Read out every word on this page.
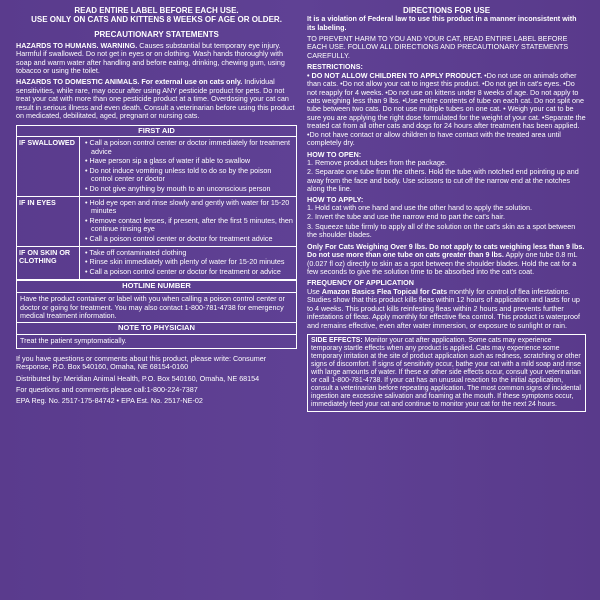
READ ENTIRE LABEL BEFORE EACH USE.
USE ONLY ON CATS AND KITTENS 8 WEEKS OF AGE OR OLDER.
PRECAUTIONARY STATEMENTS

HAZARDS TO HUMANS. WARNING. Causes substantial but temporary eye injury. Harmful if swallowed. Do not get in eyes or on clothing. Wash hands thoroughly with soap and warm water after handling and before eating, drinking, chewing gum, using tobacco or using the toilet.

HAZARDS TO DOMESTIC ANIMALS. For external use on cats only. Individual sensitivities, while rare, may occur after using ANY pesticide product for pets. Do not treat your cat with more than one pesticide product at a time. Overdosing your cat can result in serious illness and even death. Consult a veterinarian before using this product on medicated, debilitated, aged, pregnant or nursing cats.

FIRST AID
IF SWALLOWED	• Call a poison control center or doctor immediately for treatment advice
• Have person sip a glass of water if able to swallow
• Do not induce vomiting unless told to do so by the poison control center or doctor
• Do not give anything by mouth to an unconscious person
IF IN EYES	• Hold eye open and rinse slowly and gently with water for 15-20 minutes
• Remove contact lenses, if present, after the first 5 minutes, then continue rinsing eye
• Call a poison control center or doctor for treatment advice
IF ON SKIN OR CLOTHING
• Take off contaminated clothing
• Rinse skin immediately with plenty of water for 15-20 minutes
• Call a poison control center or doctor for treatment or advice
HOTLINE NUMBER
Have the product container or label with you when calling a poison control center or doctor or going for treatment. You may also contact 1-800-781-4738 for emergency medical treatment information.
NOTE TO PHYSICIAN
Treat the patient symptomatically.

If you have questions or comments about this product, please write: Consumer Response, P.O. Box 540160, Omaha, NE 68154-0160

Distributed by: Meridian Animal Health, P.O. Box 540160, Omaha, NE 68154

For questions and comments please call:1-800-224-7387

EPA Reg. No. 2517-175-84742 • EPA Est. No. 2517-NE-02

DIRECTIONS FOR USE

It is a violation of Federal law to use this product in a manner inconsistent with its labeling.

TO PREVENT HARM TO YOU AND YOUR CAT, READ ENTIRE LABEL BEFORE EACH USE. FOLLOW ALL DIRECTIONS AND PRECAUTIONARY STATEMENTS CAREFULLY.

RESTRICTIONS:

• DO NOT ALLOW CHILDREN TO APPLY PRODUCT. •Do not use on animals other than cats. •Do not allow your cat to ingest this product. •Do not get in cat's eyes. •Do not reapply for 4 weeks. •Do not use on kittens under 8 weeks of age. Do not apply to cats weighing less than 9 lbs. •Use entire contents of tube on each cat. Do not split one tube between two cats. Do not use multiple tubes on one cat. • Weigh your cat to be sure you are applying the right dose formulated for the weight of your cat. •Separate the treated cat from all other cats and dogs for 24 hours after treatment has been applied. •Do not have contact or allow children to have contact with the treated area until completely dry.

HOW TO OPEN:

1. Remove product tubes from the package.

2. Separate one tube from the others. Hold the tube with notched end pointing up and away from the face and body. Use scissors to cut off the narrow end at the notches along the line.

HOW TO APPLY:

1. Hold cat with one hand and use the other hand to apply the solution.

2. Invert the tube and use the narrow end to part the cat's hair.

3. Squeeze tube firmly to apply all of the solution on the cat's skin as a spot between the shoulder blades.

Only For Cats Weighing Over 9 lbs. Do not apply to cats weighing less than 9 lbs. Do not use more than one tube on cats greater than 9 lbs. Apply one tube 0.8 mL (0.027 fl oz) directly to skin as a spot between the shoulder blades. Hold the cat for a few seconds to give the solution time to be absorbed into the cat's coat.

FREQUENCY OF APPLICATION

Use Amazon Basics Flea Topical for Cats monthly for control of flea infestations. Studies show that this product kills fleas within 12 hours of application and lasts for up to 4 weeks. This product kills reinfesting fleas within 2 hours and prevents further infestations of fleas. Apply monthly for effective flea control. This product is waterproof and remains effective, even after water immersion, or exposure to sunlight or rain.

SIDE EFFECTS: Monitor your cat after application. Some cats may experience temporary startle effects when any product is applied. Cats may experience some temporary irritation at the site of product application such as redness, scratching or other signs of discomfort. If signs of sensitivity occur, bathe your cat with a mild soap and rinse with large amounts of water. If these or other side effects occur, consult your veterinarian or call 1-800-781-4738. If your cat has an unusual reaction to the initial application, consult a veterinarian before repeating application. The most common signs of incidental ingestion are excessive salivation and foaming at the mouth. If these symptoms occur, immediately feed your cat and continue to monitor your cat for the next 24 hours.
